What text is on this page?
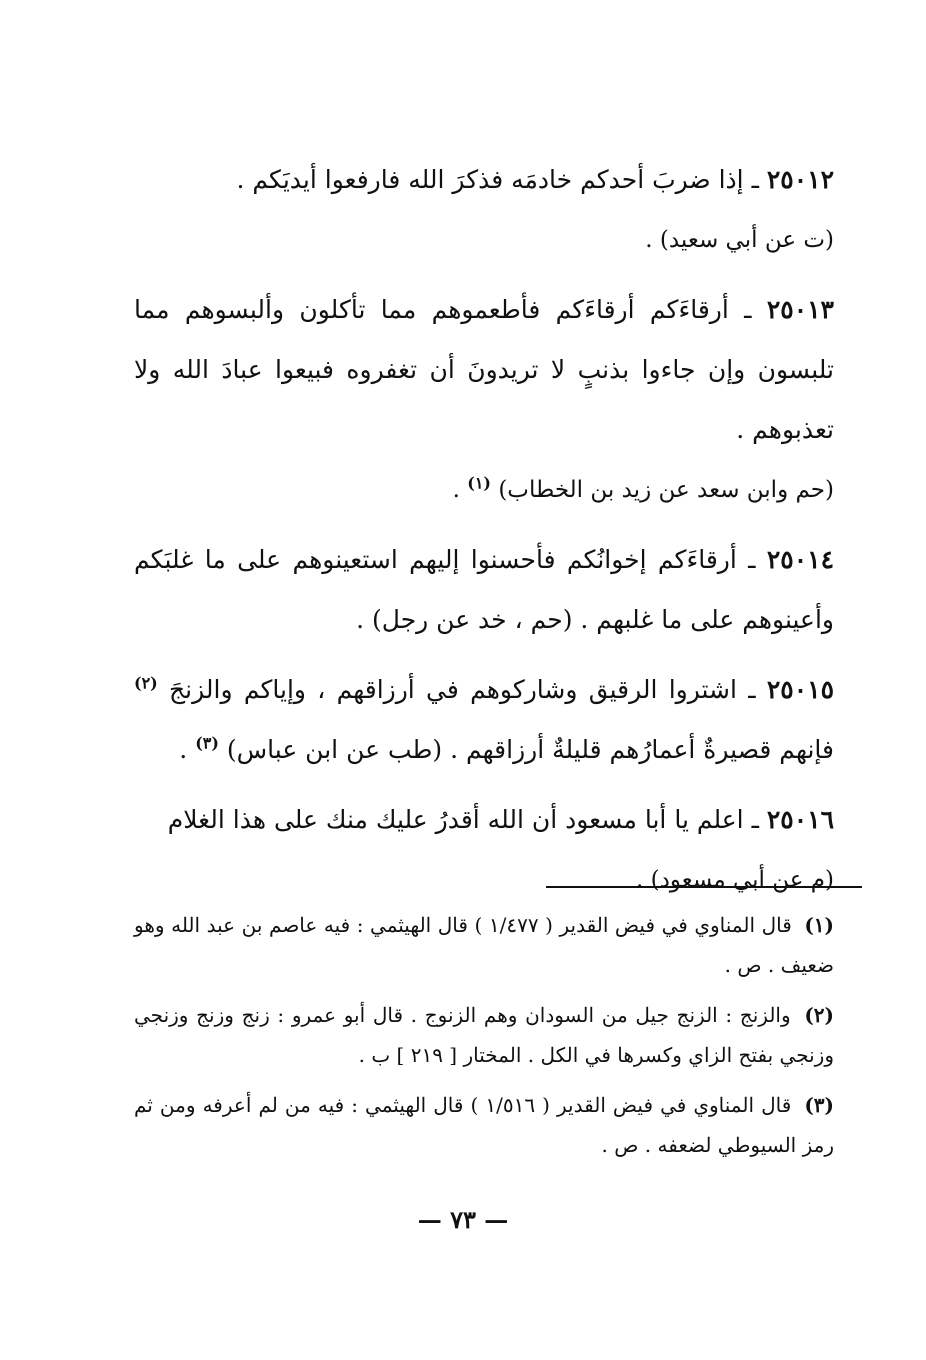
٢٥٠١٢ ـ إذا ضربَ أحدكم خادمَه فذكرَ الله فارفعوا أيديَكم .
(ت عن أبي سعيد) .
٢٥٠١٣ ـ أرقاءَكم أرقاءَكم فأطعموهم مما تأكلون وألبسوهم مما تلبسون وإن جاءوا بذنبٍ لا تريدونَ أن تغفروه فبيعوا عبادَ الله ولا تعذبوهم .
(حم وابن سعد عن زيد بن الخطاب) $^{(١)}$ .
٢٥٠١٤ ـ أرقاءَكم إخوانُكم فأحسنوا إليهم استعينوهم على ما غلبَكم وأعينوهم على ما غلبهم . (حم ، خد عن رجل) .
٢٥٠١٥ ـ اشتروا الرقيق وشاركوهم في أرزاقهم ، وإياكم والزنجَ $^{(٢)}$ فإنهم قصيرةٌ أعمارُهم قليلةٌ أرزاقهم . (طب عن ابن عباس) $^{(٣)}$ .
٢٥٠١٦ ـ اعلم يا أبا مسعود أن الله أقدرُ عليك منك على هذا الغلام
(م عن أبي مسعود) .
(١) قال المناوي في فيض القدير ( ١/٤٧٧ ) قال الهيثمي : فيه عاصم بن عبد الله وهو ضعيف . ص .
(٢) والزنج : الزنج جيل من السودان وهم الزنوج . قال أبو عمرو : زنج وزنج وزنجي وزنجي بفتح الزاي وكسرها في الكل . المختار [ ٢١٩ ] ب .
(٣) قال المناوي في فيض القدير ( ١/٥١٦ ) قال الهيثمي : فيه من لم أعرفه ومن ثم رمز السيوطي لضعفه . ص .
— ٧٣ —
